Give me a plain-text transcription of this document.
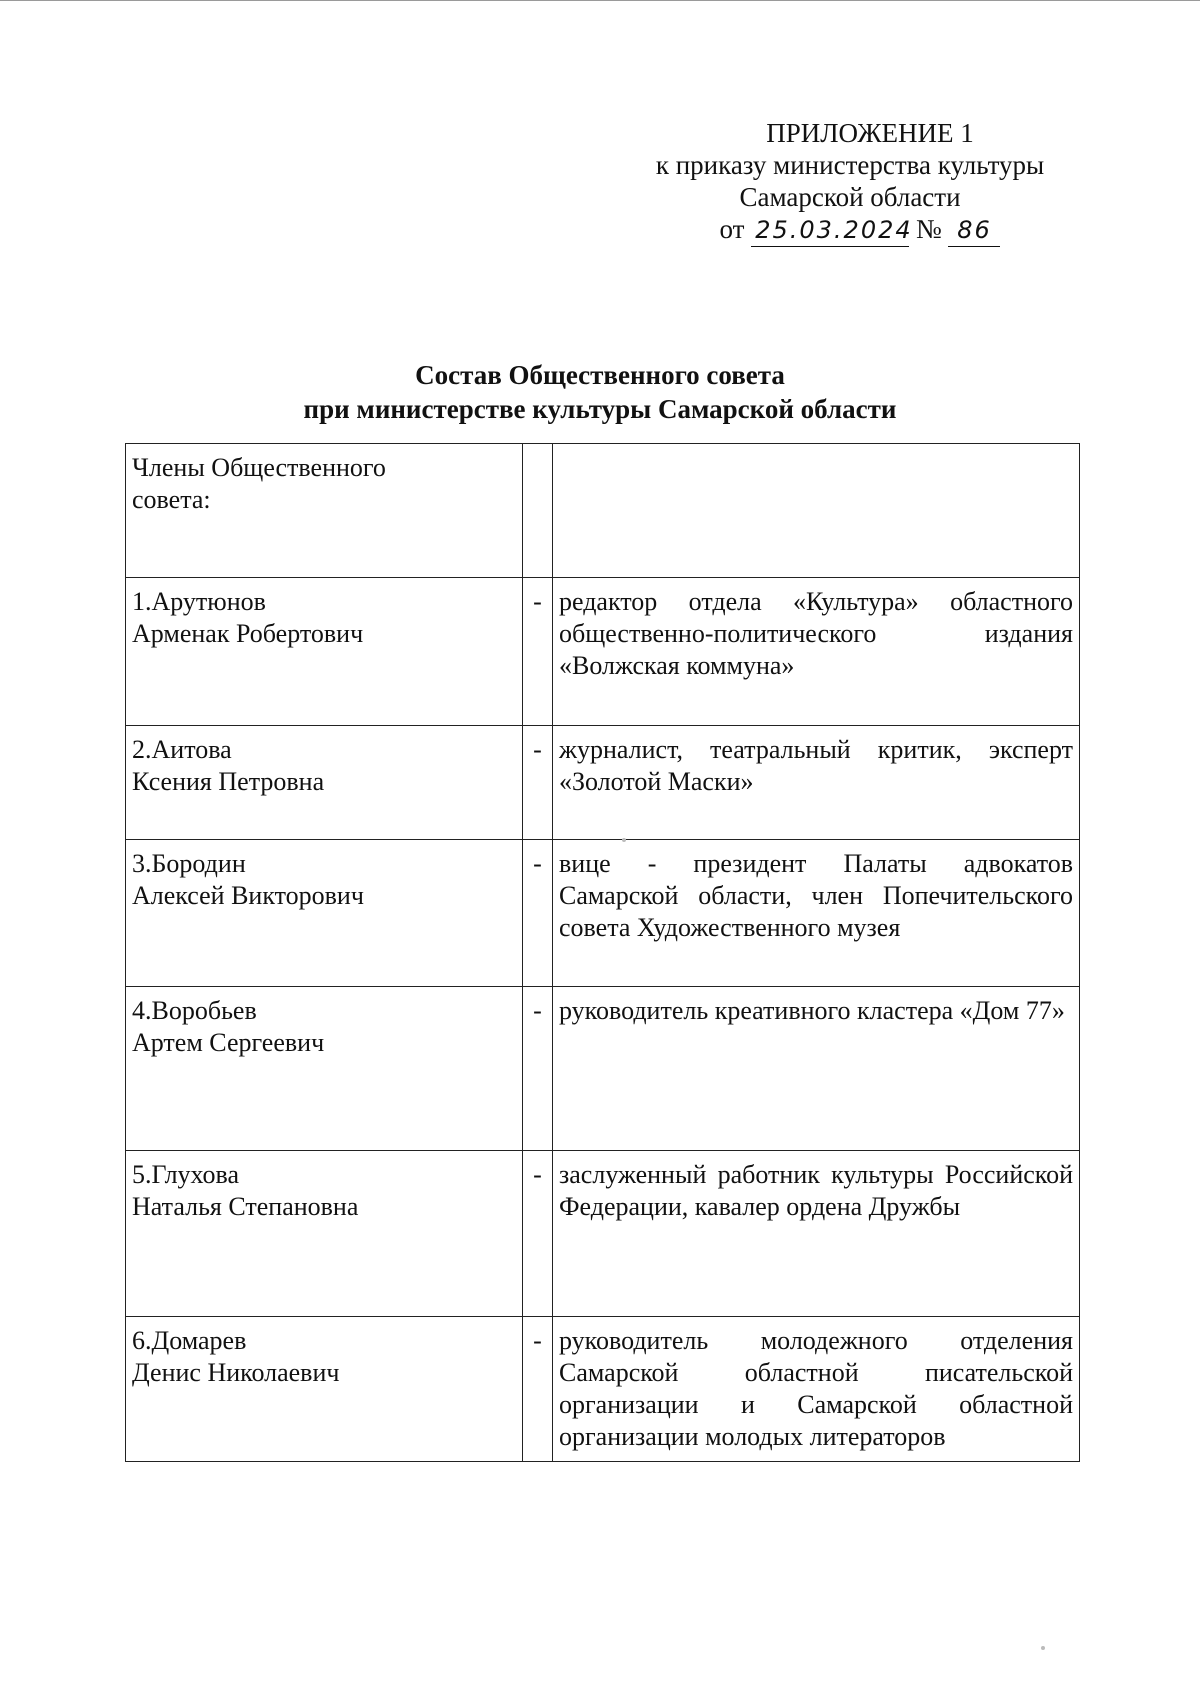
ПРИЛОЖЕНИЕ 1
к приказу министерства культуры
Самарской области
от 25.03.2024 № 86
Состав Общественного совета
при министерстве культуры Самарской области
Члены Общественного
совета:		

1.Арутюнов
Арменак Робертович	-	редактор отдела «Культура» областного общественно-политического издания «Волжская коммуна»

2.Аитова
Ксения Петровна	-	журналист, театральный критик, эксперт «Золотой Маски»

3.Бородин
Алексей Викторович	-	вице - президент Палаты адвокатов Самарской области, член Попечительского совета Художественного музея

4.Воробьев
Артем Сергеевич	-	руководитель креативного кластера «Дом 77»

5.Глухова
Наталья Степановна	-	заслуженный работник культуры Российской Федерации, кавалер ордена Дружбы

6.Домарев
Денис Николаевич	-	руководитель молодежного отделения Самарской областной писательской организации и Самарской областной организации молодых литераторов
